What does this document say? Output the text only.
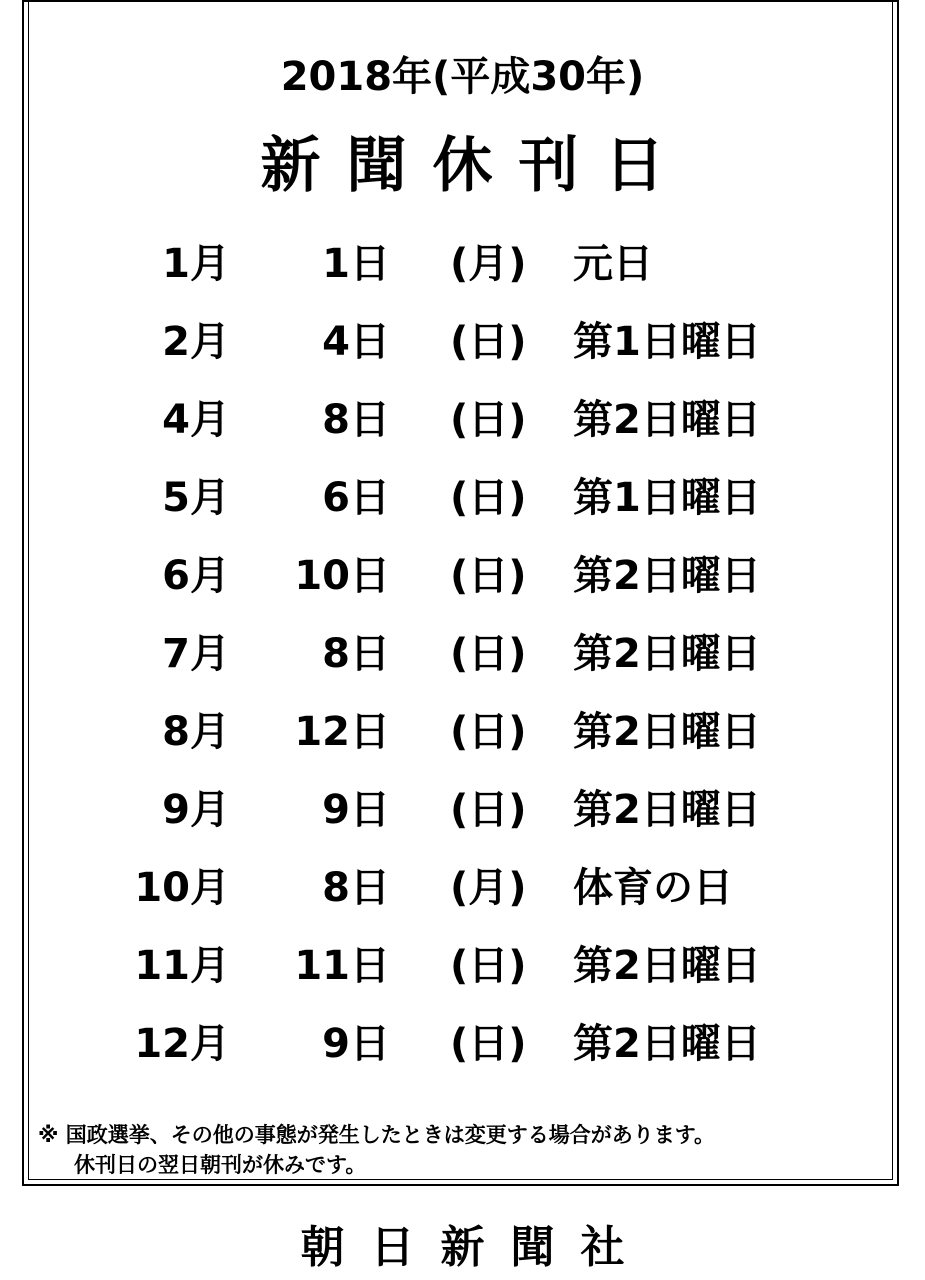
2018年(平成30年)
新聞休刊日
1月 1日 (月) 元日
2月 4日 (日) 第1日曜日
4月 8日 (日) 第2日曜日
5月 6日 (日) 第1日曜日
6月 10日 (日) 第2日曜日
7月 8日 (日) 第2日曜日
8月 12日 (日) 第2日曜日
9月 9日 (日) 第2日曜日
10月 8日 (月) 体育の日
11月 11日 (日) 第2日曜日
12月 9日 (日) 第2日曜日
※ 国政選挙、その他の事態が発生したときは変更する場合があります。
休刊日の翌日朝刊が休みです。
朝日新聞社
